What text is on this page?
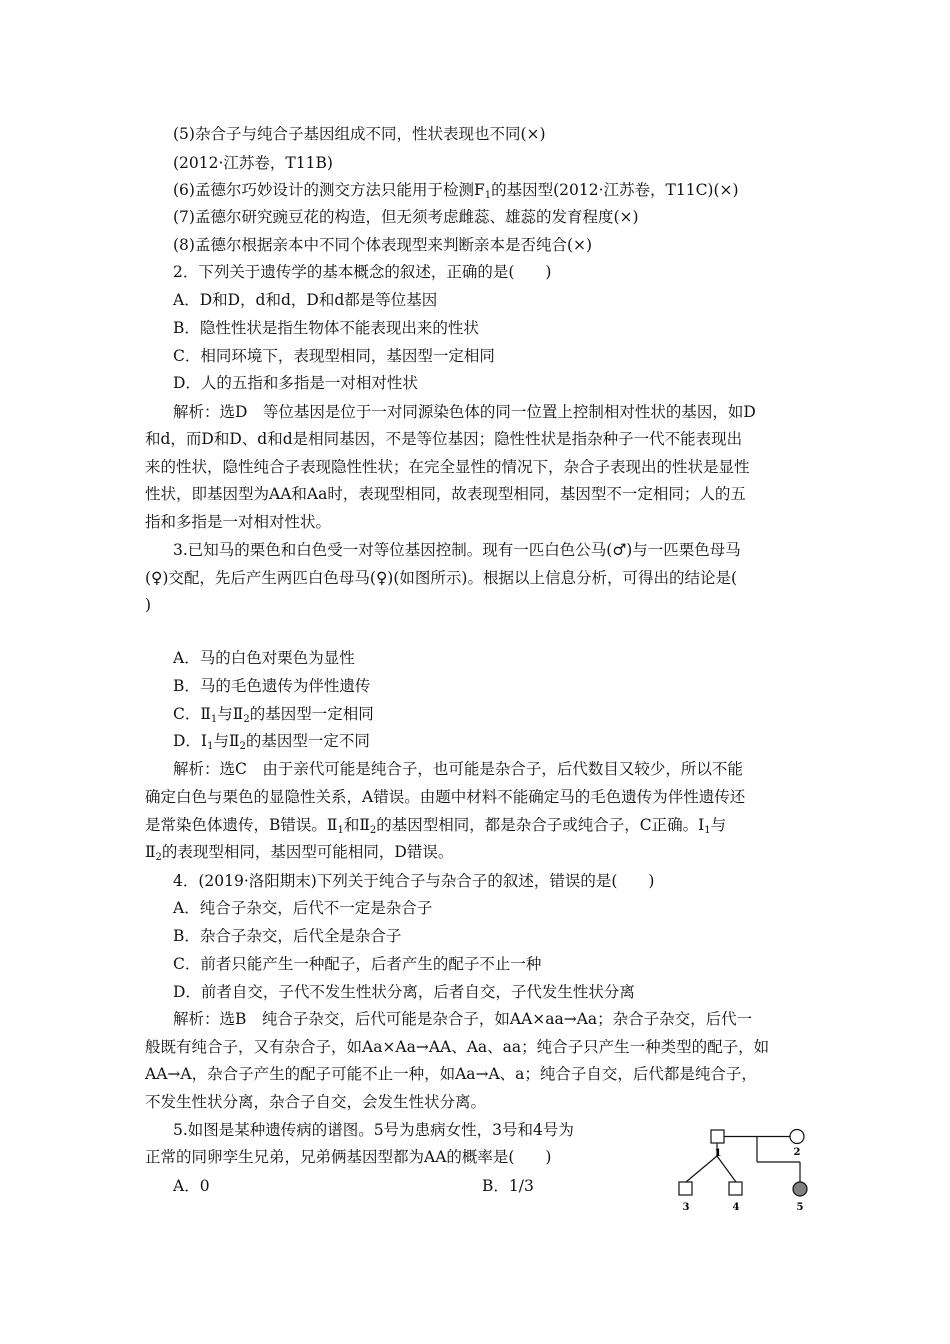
(5)杂合子与纯合子基因组成不同，性状表现也不同(×)
(2012·江苏卷，T11B)
(6)孟德尔巧妙设计的测交方法只能用于检测$F_1$的基因型(2012·江苏卷，T11C)(×)
(7)孟德尔研究豌豆花的构造，但无须考虑雌蕊、雄蕊的发育程度(×)
(8)孟德尔根据亲本中不同个体表现型来判断亲本是否纯合(×)
2．下列关于遗传学的基本概念的叙述，正确的是(　　)
A．D和D，d和d，D和d都是等位基因
B．隐性性状是指生物体不能表现出来的性状
C．相同环境下，表现型相同，基因型一定相同
D．人的五指和多指是一对相对性状
解析：选D　等位基因是位于一对同源染色体的同一位置上控制相对性状的基因，如D
和d，而D和D、d和d是相同基因，不是等位基因；隐性性状是指杂种子一代不能表现出
来的性状，隐性纯合子表现隐性性状；在完全显性的情况下，杂合子表现出的性状是显性
性状，即基因型为AA和Aa时，表现型相同，故表现型相同，基因型不一定相同；人的五
指和多指是一对相对性状。
3.已知马的栗色和白色受一对等位基因控制。现有一匹白色公马(♂)与一匹栗色母马
(♀)交配，先后产生两匹白色母马(♀)(如图所示)。根据以上信息分析，可得出的结论是(
)
A．马的白色对栗色为显性
B．马的毛色遗传为伴性遗传
C．$Ⅱ_1$与$Ⅱ_2$的基因型一定相同
D．$Ⅰ_1$与$Ⅱ_2$的基因型一定不同
解析：选C　由于亲代可能是纯合子，也可能是杂合子，后代数目又较少，所以不能
确定白色与栗色的显隐性关系，A错误。由题中材料不能确定马的毛色遗传为伴性遗传还
是常染色体遗传，B错误。$Ⅱ_1$和$Ⅱ_2$的基因型相同，都是杂合子或纯合子，C正确。$Ⅰ_1$与
$Ⅱ_2$的表现型相同，基因型可能相同，D错误。
4．(2019·洛阳期末)下列关于纯合子与杂合子的叙述，错误的是(　　)
A．纯合子杂交，后代不一定是杂合子
B．杂合子杂交，后代全是杂合子
C．前者只能产生一种配子，后者产生的配子不止一种
D．前者自交，子代不发生性状分离，后者自交，子代发生性状分离
解析：选B　纯合子杂交，后代可能是杂合子，如AA×aa→Aa；杂合子杂交，后代一
般既有纯合子，又有杂合子，如Aa×Aa→AA、Aa、aa；纯合子只产生一种类型的配子，如
AA→A，杂合子产生的配子可能不止一种，如Aa→A、a；纯合子自交，后代都是纯合子，
不发生性状分离，杂合子自交，会发生性状分离。
5.如图是某种遗传病的谱图。5号为患病女性，3号和4号为
正常的同卵孪生兄弟，兄弟俩基因型都为AA的概率是(　　)
A．0	B．1/3
1	2
3	4	5
